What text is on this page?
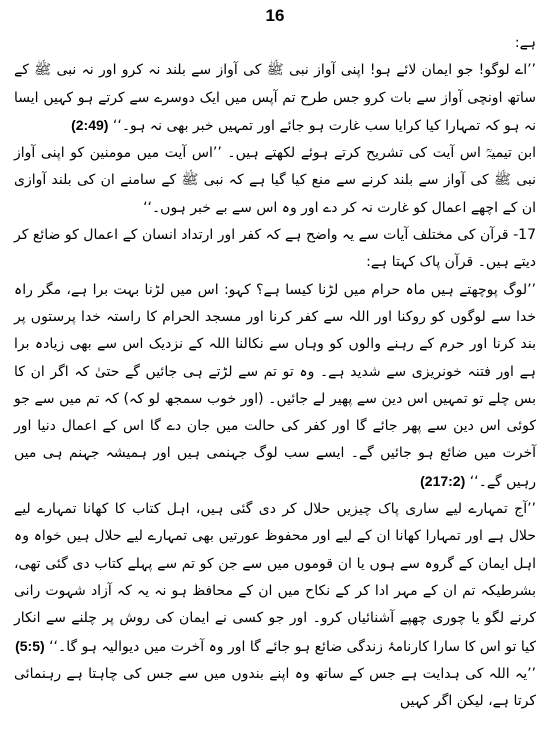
16

ہے:

’’اے لوگو! جو ایمان لائے ہو! اپنی آواز نبی ﷺ کی آواز سے بلند نہ کرو اور نہ نبی ﷺ کے ساتھ اونچی آواز سے بات کرو جس طرح تم آپس میں ایک دوسرے سے کرتے ہو کہیں ایسا نہ ہو کہ تمہارا کیا کرایا سب غارت ہو جائے اور تمہیں خبر بھی نہ ہو۔‘‘ (2:49)

ابن تیمیہؒ اس آیت کی تشریح کرتے ہوئے لکھتے ہیں۔ ’’اس آیت میں مومنین کو اپنی آواز نبی ﷺ کی آواز سے بلند کرنے سے منع کیا گیا ہے کہ نبی ﷺ کے سامنے ان کی بلند آوازی ان کے اچھے اعمال کو غارت نہ کر دے اور وہ اس سے بے خبر ہوں۔‘‘

17- قرآن کی مختلف آیات سے یہ واضح ہے کہ کفر اور ارتداد انسان کے اعمال کو ضائع کر دیتے ہیں۔ قرآن پاک کہتا ہے:

’’لوگ پوچھتے ہیں ماہ حرام میں لڑنا کیسا ہے؟ کہو: اس میں لڑنا بہت برا ہے، مگر راہ خدا سے لوگوں کو روکنا اور اللہ سے کفر کرنا اور مسجد الحرام کا راستہ خدا پرستوں پر بند کرنا اور حرم کے رہنے والوں کو وہاں سے نکالنا اللہ کے نزدیک اس سے بھی زیادہ برا ہے اور فتنہ خونریزی سے شدید ہے۔ وہ تو تم سے لڑتے ہی جائیں گے حتیٰ کہ اگر ان کا بس چلے تو تمہیں اس دین سے پھیر لے جائیں۔ (اور خوب سمجھ لو کہ) کہ تم میں سے جو کوئی اس دین سے پھر جائے گا اور کفر کی حالت میں جان دے گا اس کے اعمال دنیا اور آخرت میں ضائع ہو جائیں گے۔ ایسے سب لوگ جہنمی ہیں اور ہمیشہ جہنم ہی میں رہیں گے۔‘‘ (217:2)

’’آج تمہارے لیے ساری پاک چیزیں حلال کر دی گئی ہیں، اہل کتاب کا کھانا تمہارے لیے حلال ہے اور تمہارا کھانا ان کے لیے اور محفوظ عورتیں بھی تمہارے لیے حلال ہیں خواہ وہ اہل ایمان کے گروہ سے ہوں یا ان قوموں میں سے جن کو تم سے پہلے کتاب دی گئی تھی، بشرطیکہ تم ان کے مہر ادا کر کے نکاح میں ان کے محافظ ہو نہ یہ کہ آزاد شہوت رانی کرنے لگو یا چوری چھپے آشنائیاں کرو۔ اور جو کسی نے ایمان کی روش پر چلنے سے انکار کیا تو اس کا سارا کارنامۂ زندگی ضائع ہو جائے گا اور وہ آخرت میں دیوالیہ ہو گا۔‘‘ (5:5)

’’یہ اللہ کی ہدایت ہے جس کے ساتھ وہ اپنے بندوں میں سے جس کی چاہتا ہے رہنمائی کرتا ہے، لیکن اگر کہیں
